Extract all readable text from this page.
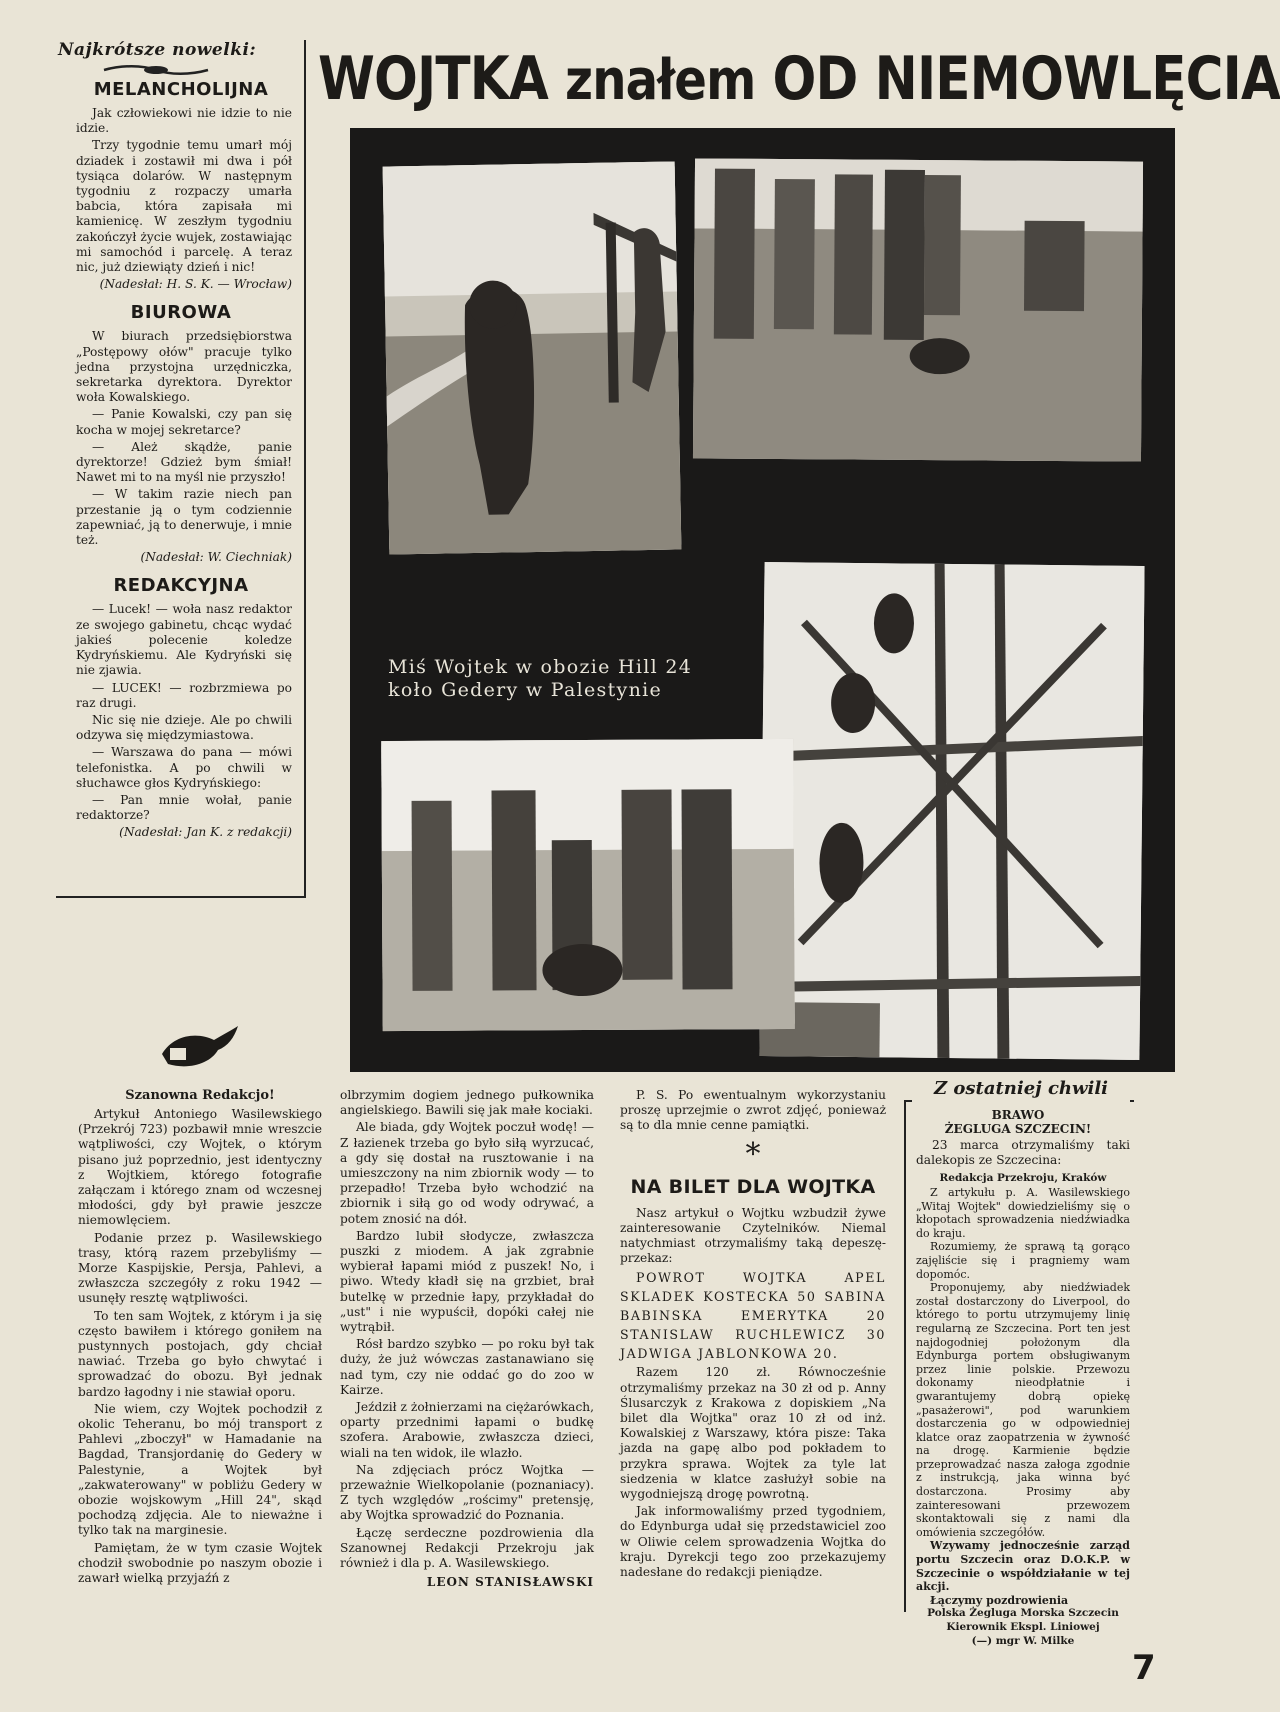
Najkrótsze nowelki:
MELANCHOLIJNA

Jak człowiekowi nie idzie to nie idzie.

Trzy tygodnie temu umarł mój dziadek i zostawił mi dwa i pół tysiąca dolarów. W następnym tygodniu z rozpaczy umarła babcia, która zapisała mi kamienicę. W zeszłym tygodniu zakończył życie wujek, zostawiając mi samochód i parcelę. A teraz nic, już dziewiąty dzień i nic!

(Nadesłał: H. S. K. — Wrocław)

BIUROWA

W biurach przedsiębiorstwa „Postępowy ołów" pracuje tylko jedna przystojna urzędniczka, sekretarka dyrektora. Dyrektor woła Kowalskiego.

— Panie Kowalski, czy pan się kocha w mojej sekretarce?

— Ależ skądże, panie dyrektorze! Gdzież bym śmiał! Nawet mi to na myśl nie przyszło!

— W takim razie niech pan przestanie ją o tym codziennie zapewniać, ją to denerwuje, i mnie też.

(Nadesłał: W. Ciechniak)

REDAKCYJNA

— Lucek! — woła nasz redaktor ze swojego gabinetu, chcąc wydać jakieś polecenie koledze Kydryńskiemu. Ale Kydryński się nie zjawia.

— LUCEK! — rozbrzmiewa po raz drugi.

Nic się nie dzieje. Ale po chwili odzywa się międzymiastowa.

— Warszawa do pana — mówi telefonistka. A po chwili w słuchawce głos Kydryńskiego:

— Pan mnie wołał, panie redaktorze?

(Nadesłał: Jan K. z redakcji)

WOJTKA znałem OD NIEMOWLĘCIA
Miś Wojtek w obozie Hill 24 koło Gedery w Palestynie
Szanowna Redakcjo!

Artykuł Antoniego Wasilewskiego (Przekrój 723) pozbawił mnie wreszcie wątpliwości, czy Wojtek, o którym pisano już poprzednio, jest identyczny z Wojtkiem, którego fotografie załączam i którego znam od wczesnej młodości, gdy był prawie jeszcze niemowlęciem.

Podanie przez p. Wasilewskiego trasy, którą razem przebyliśmy — Morze Kaspijskie, Persja, Pahlevi, a zwłaszcza szczegóły z roku 1942 — usunęły resztę wątpliwości.

To ten sam Wojtek, z którym i ja się często bawiłem i którego goniłem na pustynnych postojach, gdy chciał nawiać. Trzeba go było chwytać i sprowadzać do obozu. Był jednak bardzo łagodny i nie stawiał oporu.

Nie wiem, czy Wojtek pochodził z okolic Teheranu, bo mój transport z Pahlevi „zboczył" w Hamadanie na Bagdad, Transjordanię do Gedery w Palestynie, a Wojtek był „zakwaterowany" w pobliżu Gedery w obozie wojskowym „Hill 24", skąd pochodzą zdjęcia. Ale to nieważne i tylko tak na marginesie.

Pamiętam, że w tym czasie Wojtek chodził swobodnie po naszym obozie i zawarł wielką przyjaźń z

olbrzymim dogiem jednego pułkownika angielskiego. Bawili się jak małe kociaki.

Ale biada, gdy Wojtek poczuł wodę! — Z łazienek trzeba go było siłą wyrzucać, a gdy się dostał na rusztowanie i na umieszczony na nim zbiornik wody — to przepadło! Trzeba było wchodzić na zbiornik i siłą go od wody odrywać, a potem znosić na dół.

Bardzo lubił słodycze, zwłaszcza puszki z miodem. A jak zgrabnie wybierał łapami miód z puszek! No, i piwo. Wtedy kładł się na grzbiet, brał butelkę w przednie łapy, przykładał do „ust" i nie wypuścił, dopóki całej nie wytrąbił.

Rósł bardzo szybko — po roku był tak duży, że już wówczas zastanawiano się nad tym, czy nie oddać go do zoo w Kairze.

Jeździł z żołnierzami na ciężarówkach, oparty przednimi łapami o budkę szofera. Arabowie, zwłaszcza dzieci, wiali na ten widok, ile wlazło.

Na zdjęciach prócz Wojtka — przeważnie Wielkopolanie (poznaniacy). Z tych względów „rościmy" pretensję, aby Wojtka sprowadzić do Poznania.

Łączę serdeczne pozdrowienia dla Szanownej Redakcji Przekroju jak również i dla p. A. Wasilewskiego.

LEON STANISŁAWSKI

P. S. Po ewentualnym wykorzystaniu proszę uprzejmie o zwrot zdjęć, ponieważ są to dla mnie cenne pamiątki.

*
NA BILET DLA WOJTKA

Nasz artykuł o Wojtku wzbudził żywe zainteresowanie Czytelników. Niemal natychmiast otrzymaliśmy taką depeszę-przekaz:

POWROT WOJTKA APEL SKLADEK KOSTECKA 50 SABINA BABINSKA EMERYTKA 20 STANISLAW RUCHLEWICZ 30 JADWIGA JABLONKOWA 20.

Razem 120 zł. Równocześnie otrzymaliśmy przekaz na 30 zł od p. Anny Ślusarczyk z Krakowa z dopiskiem „Na bilet dla Wojtka" oraz 10 zł od inż. Kowalskiej z Warszawy, która pisze: Taka jazda na gapę albo pod pokładem to przykra sprawa. Wojtek za tyle lat siedzenia w klatce zasłużył sobie na wygodniejszą drogę powrotną.

Jak informowaliśmy przed tygodniem, do Edynburga udał się przedstawiciel zoo w Oliwie celem sprowadzenia Wojtka do kraju. Dyrekcji tego zoo przekazujemy nadesłane do redakcji pieniądze.

Z ostatniej chwili
BRAWO
ŻEGLUGA SZCZECIN!

23 marca otrzymaliśmy taki dalekopis ze Szczecina:

Redakcja Przekroju, Kraków

Z artykułu p. A. Wasilewskiego „Witaj Wojtek" dowiedzieliśmy się o kłopotach sprowadzenia niedźwiadka do kraju.

Rozumiemy, że sprawą tą gorąco zajęliście się i pragniemy wam dopomóc.

Proponujemy, aby niedźwiadek został dostarczony do Liverpool, do którego to portu utrzymujemy linię regularną ze Szczecina. Port ten jest najdogodniej położonym dla Edynburga portem obsługiwanym przez linie polskie. Przewozu dokonamy nieodpłatnie i gwarantujemy dobrą opiekę „pasażerowi", pod warunkiem dostarczenia go w odpowiedniej klatce oraz zaopatrzenia w żywność na drogę. Karmienie będzie przeprowadzać nasza załoga zgodnie z instrukcją, jaka winna być dostarczona. Prosimy aby zainteresowani przewozem skontaktowali się z nami dla omówienia szczegółów.

Wzywamy jednocześnie zarząd portu Szczecin oraz D.O.K.P. w Szczecinie o współdziałanie w tej akcji.

Łączymy pozdrowienia

Polska Żegluga Morska Szczecin
Kierownik Ekspl. Liniowej
(—) mgr W. Milke
7
